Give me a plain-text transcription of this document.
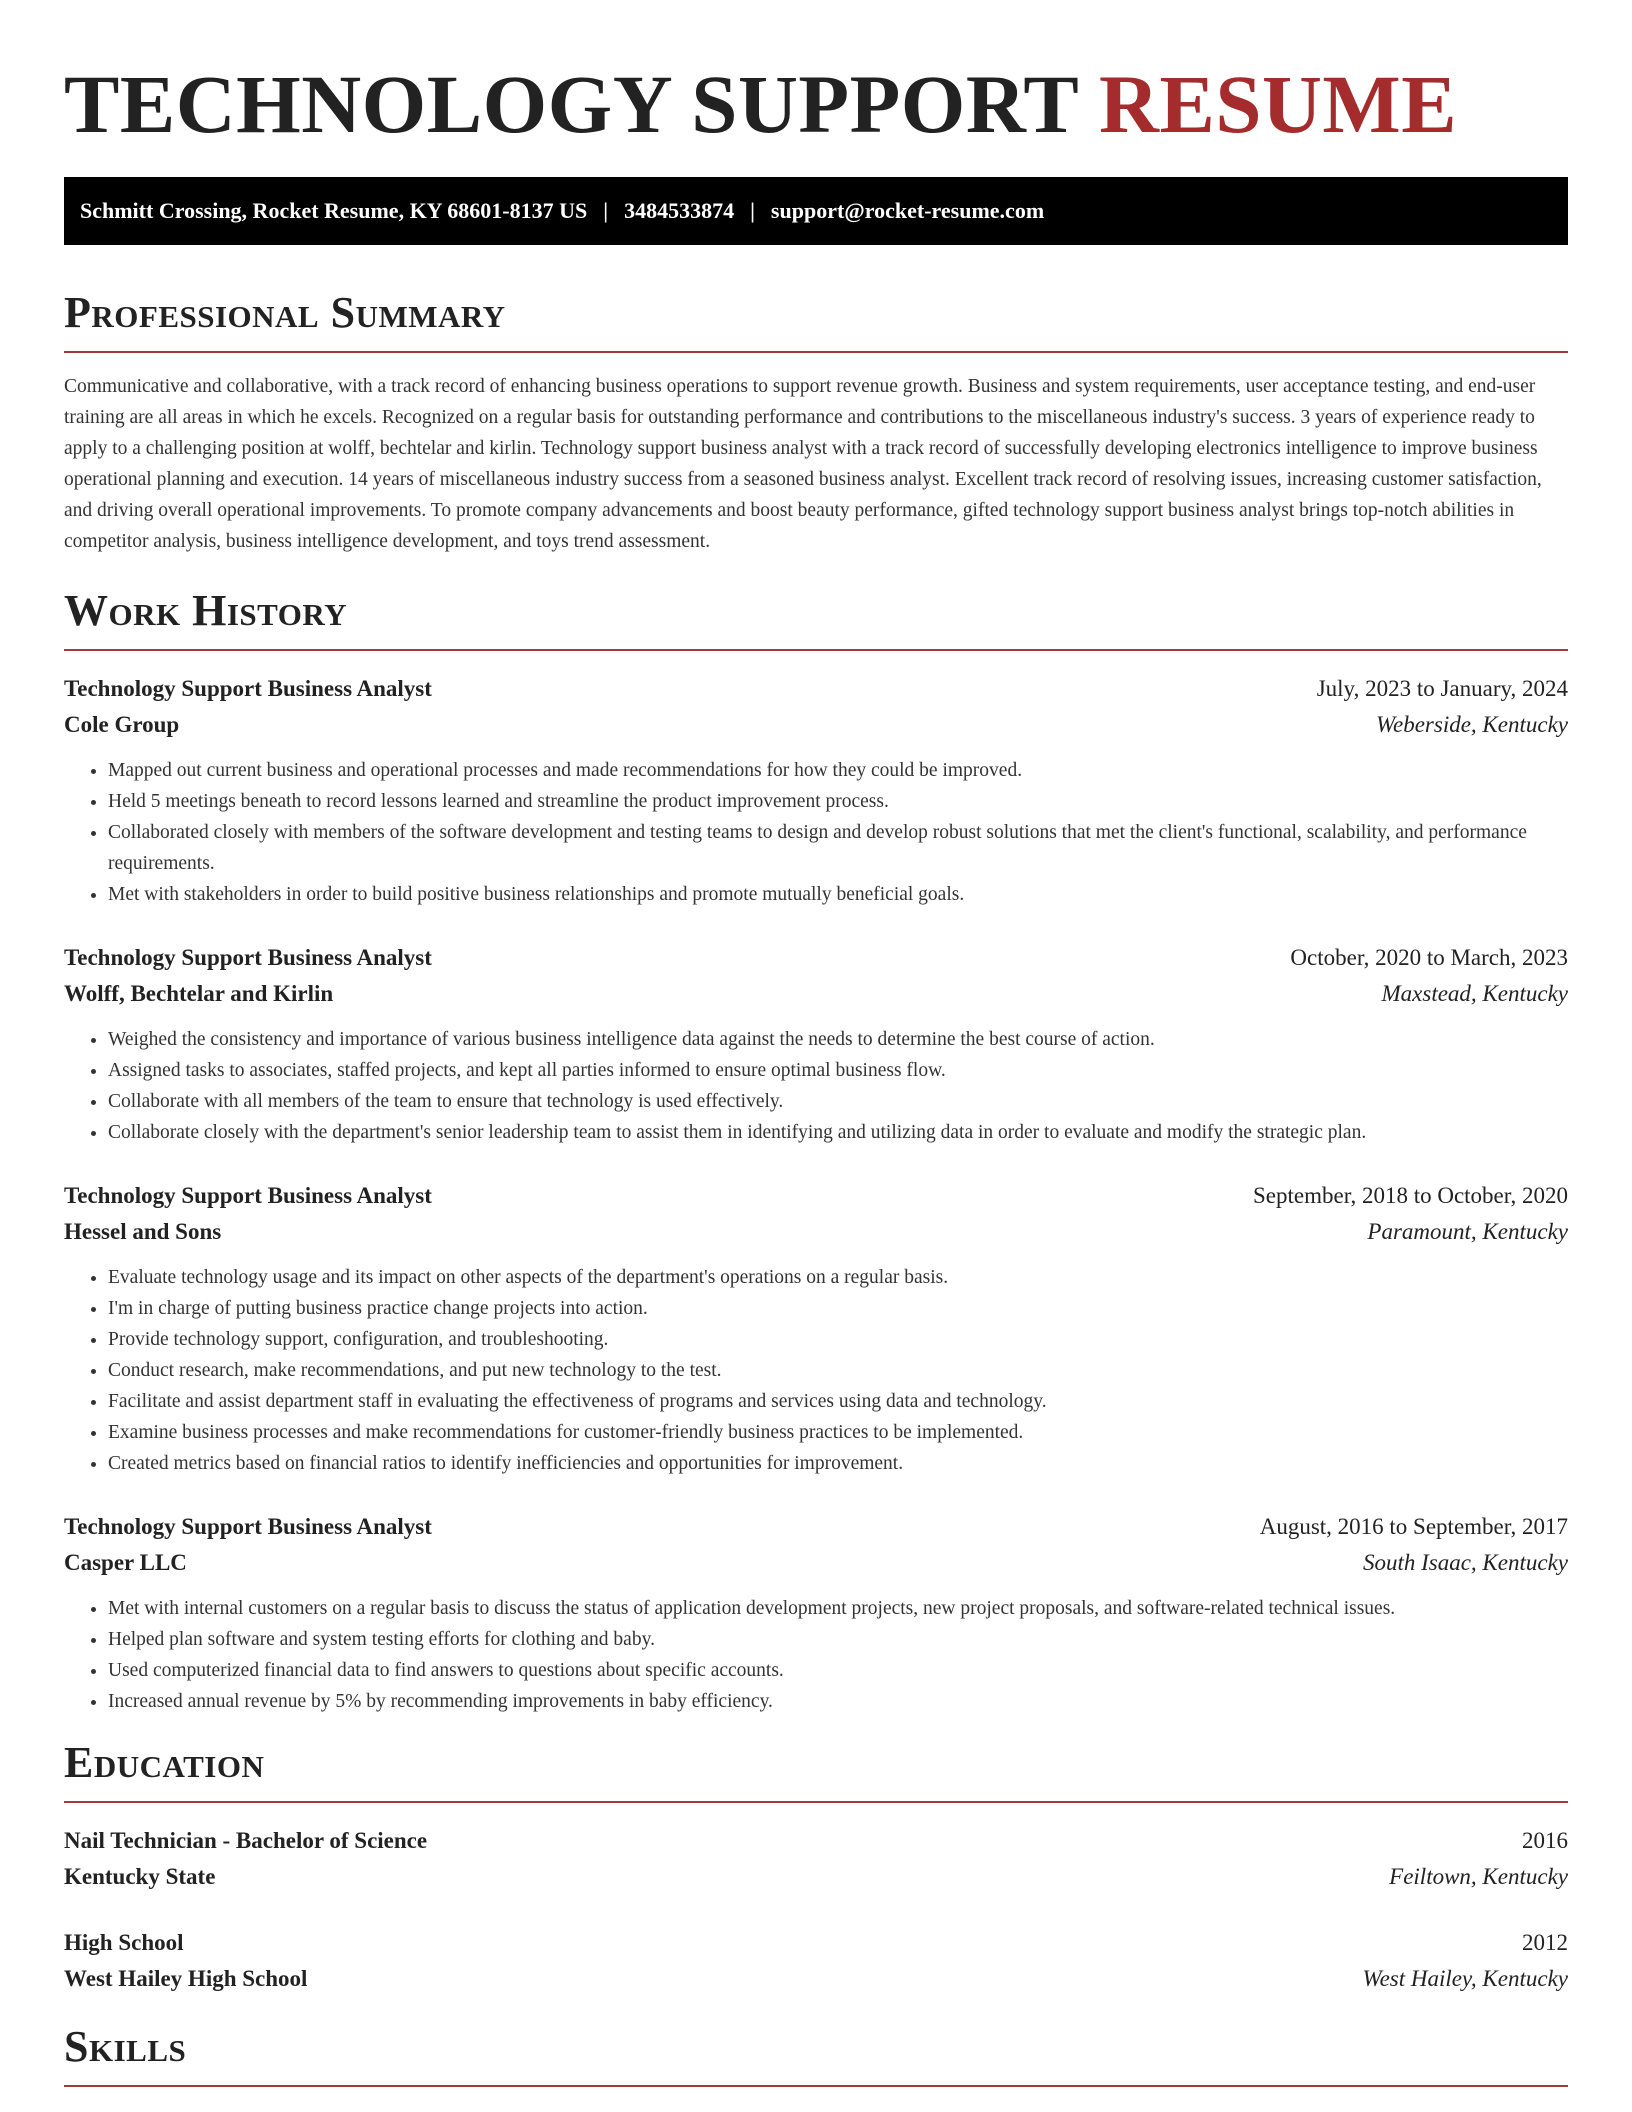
TECHNOLOGY SUPPORT RESUME
Schmitt Crossing, Rocket Resume, KY 68601-8137 US | 3484533874 | support@rocket-resume.com
Professional Summary

Communicative and collaborative, with a track record of enhancing business operations to support revenue growth. Business and system requirements, user acceptance testing, and end-user training are all areas in which he excels. Recognized on a regular basis for outstanding performance and contributions to the miscellaneous industry's success. 3 years of experience ready to apply to a challenging position at wolff, bechtelar and kirlin. Technology support business analyst with a track record of successfully developing electronics intelligence to improve business operational planning and execution. 14 years of miscellaneous industry success from a seasoned business analyst. Excellent track record of resolving issues, increasing customer satisfaction, and driving overall operational improvements. To promote company advancements and boost beauty performance, gifted technology support business analyst brings top-notch abilities in competitor analysis, business intelligence development, and toys trend assessment.

Work History
Technology Support Business Analyst	July, 2023 to January, 2024
Cole Group	Weberside, Kentucky
• Mapped out current business and operational processes and made recommendations for how they could be improved.
• Held 5 meetings beneath to record lessons learned and streamline the product improvement process.
• Collaborated closely with members of the software development and testing teams to design and develop robust solutions that met the client's functional, scalability, and performance requirements.
• Met with stakeholders in order to build positive business relationships and promote mutually beneficial goals.
Technology Support Business Analyst	October, 2020 to March, 2023
Wolff, Bechtelar and Kirlin	Maxstead, Kentucky
• Weighed the consistency and importance of various business intelligence data against the needs to determine the best course of action.
• Assigned tasks to associates, staffed projects, and kept all parties informed to ensure optimal business flow.
• Collaborate with all members of the team to ensure that technology is used effectively.
• Collaborate closely with the department's senior leadership team to assist them in identifying and utilizing data in order to evaluate and modify the strategic plan.
Technology Support Business Analyst	September, 2018 to October, 2020
Hessel and Sons	Paramount, Kentucky
• Evaluate technology usage and its impact on other aspects of the department's operations on a regular basis.
• I'm in charge of putting business practice change projects into action.
• Provide technology support, configuration, and troubleshooting.
• Conduct research, make recommendations, and put new technology to the test.
• Facilitate and assist department staff in evaluating the effectiveness of programs and services using data and technology.
• Examine business processes and make recommendations for customer-friendly business practices to be implemented.
• Created metrics based on financial ratios to identify inefficiencies and opportunities for improvement.
Technology Support Business Analyst	August, 2016 to September, 2017
Casper LLC	South Isaac, Kentucky
• Met with internal customers on a regular basis to discuss the status of application development projects, new project proposals, and software-related technical issues.
• Helped plan software and system testing efforts for clothing and baby.
• Used computerized financial data to find answers to questions about specific accounts.
• Increased annual revenue by 5% by recommending improvements in baby efficiency.
Education
Nail Technician - Bachelor of Science	2016
Kentucky State	Feiltown, Kentucky
High School	2012
West Hailey High School	West Hailey, Kentucky
Skills
